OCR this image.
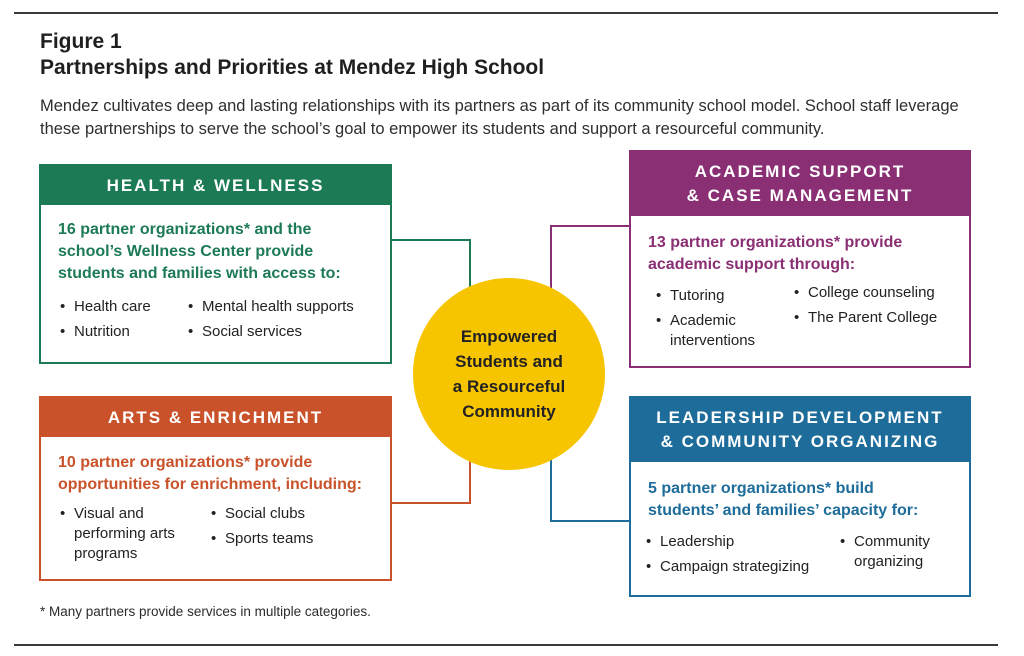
Figure 1
Partnerships and Priorities at Mendez High School

Mendez cultivates deep and lasting relationships with its partners as part of its community school model. School staff leverage these partnerships to serve the school’s goal to empower its students and support a resourceful community.

HEALTH & WELLNESS

16 partner organizations* and the
school’s Wellness Center provide
students and families with access to:

• Health care
• Nutrition
• Mental health supports
• Social services
ARTS & ENRICHMENT

10 partner organizations* provide
opportunities for enrichment, including:

• Visual and performing arts programs
• Social clubs
• Sports teams
ACADEMIC SUPPORT
& CASE MANAGEMENT

13 partner organizations* provide
academic support through:

• Tutoring
• Academic interventions
• College counseling
• The Parent College
LEADERSHIP DEVELOPMENT
& COMMUNITY ORGANIZING

5 partner organizations* build
students’ and families’ capacity for:

• Leadership
• Campaign strategizing
• Community organizing
Empowered
Students and
a Resourceful
Community

* Many partners provide services in multiple categories.
